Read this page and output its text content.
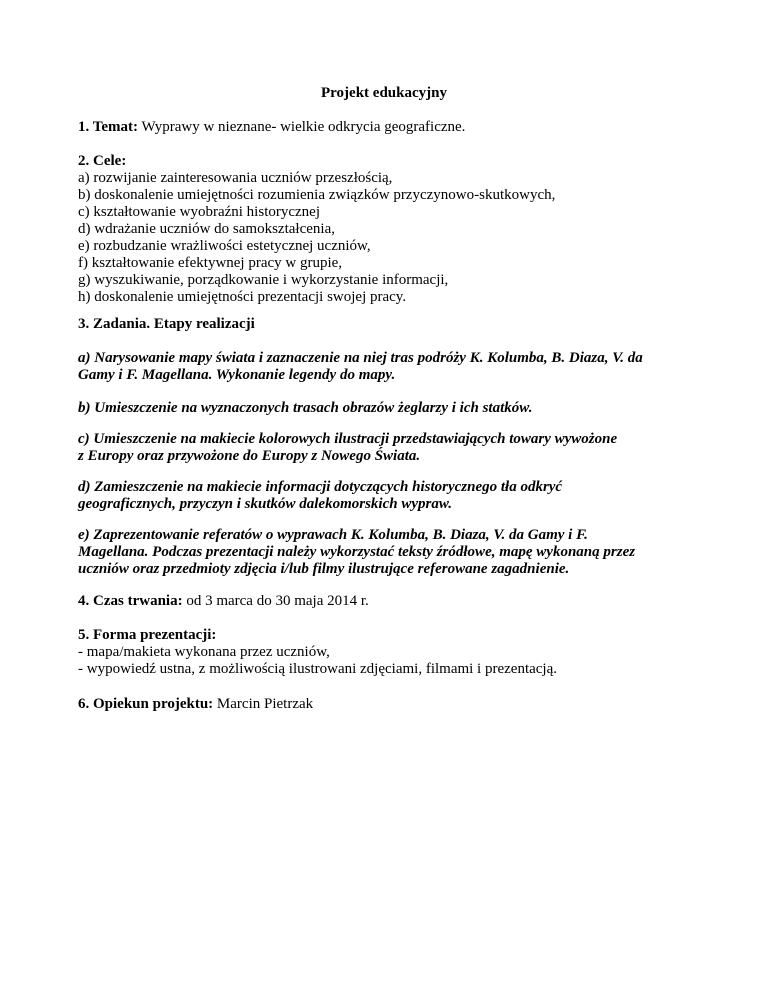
Projekt edukacyjny
1. Temat: Wyprawy w nieznane- wielkie odkrycia geograficzne.
2. Cele:
a) rozwijanie zainteresowania uczniów przeszłością,
b) doskonalenie umiejętności rozumienia związków przyczynowo-skutkowych,
c) kształtowanie wyobraźni historycznej
d) wdrażanie uczniów do samokształcenia,
e) rozbudzanie wrażliwości estetycznej uczniów,
f) kształtowanie efektywnej pracy w grupie,
g) wyszukiwanie, porządkowanie i wykorzystanie informacji,
h) doskonalenie umiejętności prezentacji swojej pracy.
3. Zadania. Etapy realizacji
a) Narysowanie mapy świata i zaznaczenie na niej tras podróży K. Kolumba, B. Diaza, V. da
Gamy i F. Magellana. Wykonanie legendy do mapy.
b) Umieszczenie na wyznaczonych trasach obrazów żeglarzy i ich statków.
c) Umieszczenie na makiecie kolorowych ilustracji przedstawiających towary wywożone
z Europy oraz przywożone do Europy z Nowego Świata.
d) Zamieszczenie na makiecie informacji dotyczących historycznego tła odkryć
geograficznych, przyczyn i skutków dalekomorskich wypraw.
e) Zaprezentowanie referatów o wyprawach K. Kolumba, B. Diaza, V. da Gamy i F.
Magellana. Podczas prezentacji należy wykorzystać teksty źródłowe, mapę wykonaną przez
uczniów oraz przedmioty zdjęcia i/lub filmy ilustrujące referowane zagadnienie.
4. Czas trwania: od 3 marca do 30 maja 2014 r.
5. Forma prezentacji:
- mapa/makieta wykonana przez uczniów,
- wypowiedź ustna, z możliwością ilustrowani zdjęciami, filmami i prezentacją.
6. Opiekun projektu: Marcin Pietrzak
